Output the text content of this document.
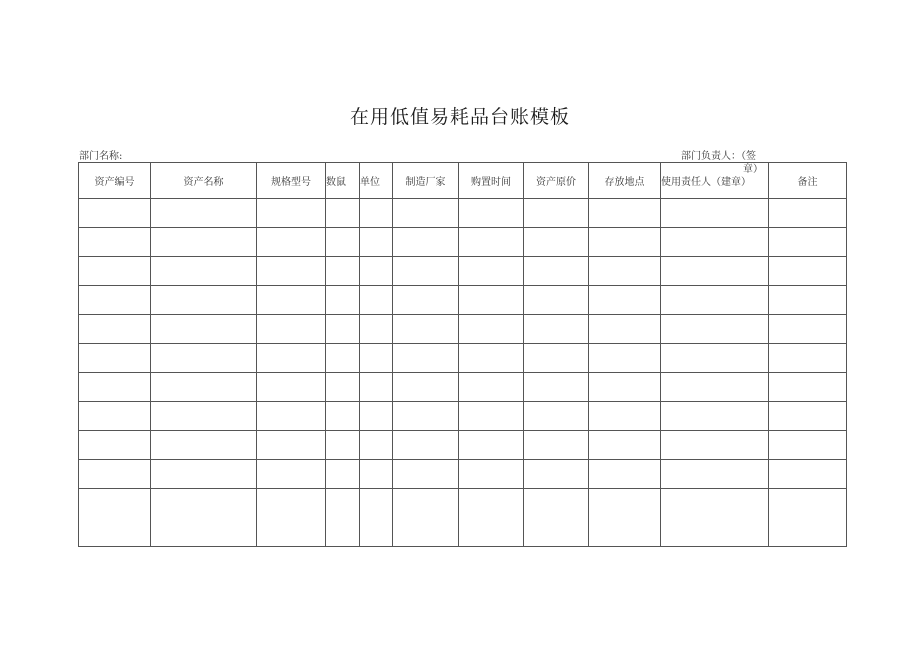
在用低值易耗品台账模板
部门名称:	部门负责人：（签
章）
资产编号	资产名称	规格型号	数鼠	单位	制造厂家	购置时间	资产原价	存放地点	使用责任人（建章）	备注
